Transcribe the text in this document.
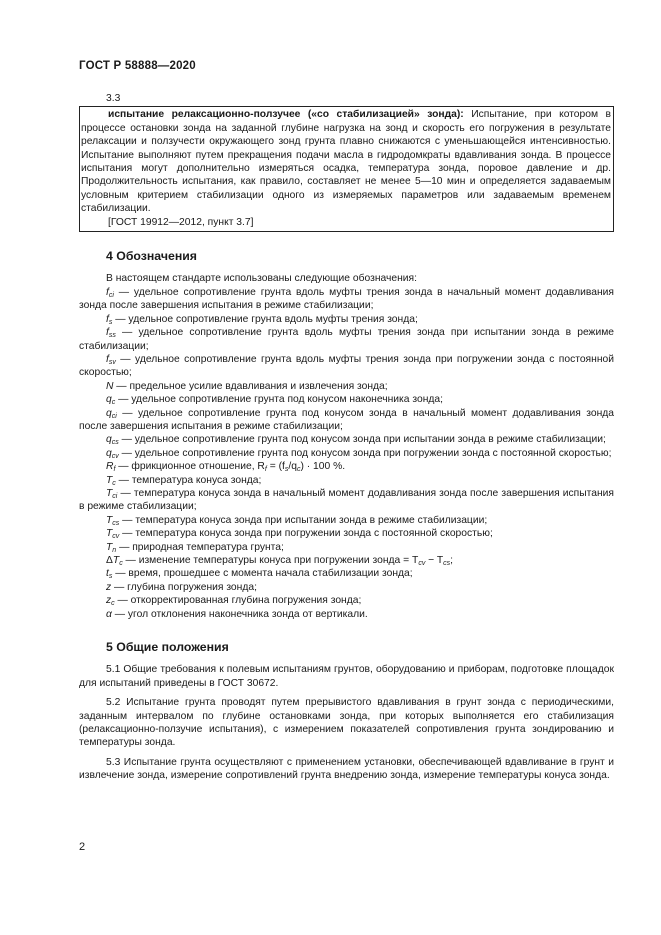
ГОСТ Р 58888—2020

3.3

испытание релаксационно-ползучее («со стабилизацией» зонда): Испытание, при котором в процессе остановки зонда на заданной глубине нагрузка на зонд и скорость его погружения в результате релаксации и ползучести окружающего зонд грунта плавно снижаются с уменьшающейся интенсивностью. Испытание выполняют путем прекращения подачи масла в гидродомкраты вдавливания зонда. В процессе испытания могут дополнительно измеряться осадка, температура зонда, поровое давление и др. Продолжительность испытания, как правило, составляет не менее 5—10 мин и определяется задаваемым условным критерием стабилизации одного из измеряемых параметров или задаваемым временем стабилизации.

[ГОСТ 19912—2012, пункт 3.7]

4 Обозначения

В настоящем стандарте использованы следующие обозначения:

$f_{ci}$ — удельное сопротивление грунта вдоль муфты трения зонда в начальный момент додавливания зонда после завершения испытания в режиме стабилизации;

$f_s$ — удельное сопротивление грунта вдоль муфты трения зонда;

$f_{ss}$ — удельное сопротивление грунта вдоль муфты трения зонда при испытании зонда в режиме стабилизации;

$f_{sv}$ — удельное сопротивление грунта вдоль муфты трения зонда при погружении зонда с постоянной скоростью;

N — предельное усилие вдавливания и извлечения зонда;

$q_c$ — удельное сопротивление грунта под конусом наконечника зонда;

$q_{ci}$ — удельное сопротивление грунта под конусом зонда в начальный момент додавливания зонда после завершения испытания в режиме стабилизации;

$q_{cs}$ — удельное сопротивление грунта под конусом зонда при испытании зонда в режиме стабилизации;

$q_{cv}$ — удельное сопротивление грунта под конусом зонда при погружении зонда с постоянной скоростью;

$R_f$ — фрикционное отношение, $R_f = (f_s/q_c) \cdot 100$ %.

$T_c$ — температура конуса зонда;

$T_{ci}$ — температура конуса зонда в начальный момент додавливания зонда после завершения испытания в режиме стабилизации;

$T_{cs}$ — температура конуса зонда при испытании зонда в режиме стабилизации;

$T_{cv}$ — температура конуса зонда при погружении зонда с постоянной скоростью;

$T_n$ — природная температура грунта;

$\Delta T_c$ — изменение температуры конуса при погружении зонда = $T_{cv} - T_{cs}$;

$t_s$ — время, прошедшее с момента начала стабилизации зонда;

z — глубина погружения зонда;

$z_c$ — откорректированная глубина погружения зонда;

α — угол отклонения наконечника зонда от вертикали.

5 Общие положения

5.1 Общие требования к полевым испытаниям грунтов, оборудованию и приборам, подготовке площадок для испытаний приведены в ГОСТ 30672.

5.2 Испытание грунта проводят путем прерывистого вдавливания в грунт зонда с периодическими, заданным интервалом по глубине остановками зонда, при которых выполняется его стабилизация (релаксационно-ползучие испытания), с измерением показателей сопротивления грунта зондированию и температуры зонда.

5.3 Испытание грунта осуществляют с применением установки, обеспечивающей вдавливание в грунт и извлечение зонда, измерение сопротивлений грунта внедрению зонда, измерение температуры конуса зонда.

2
